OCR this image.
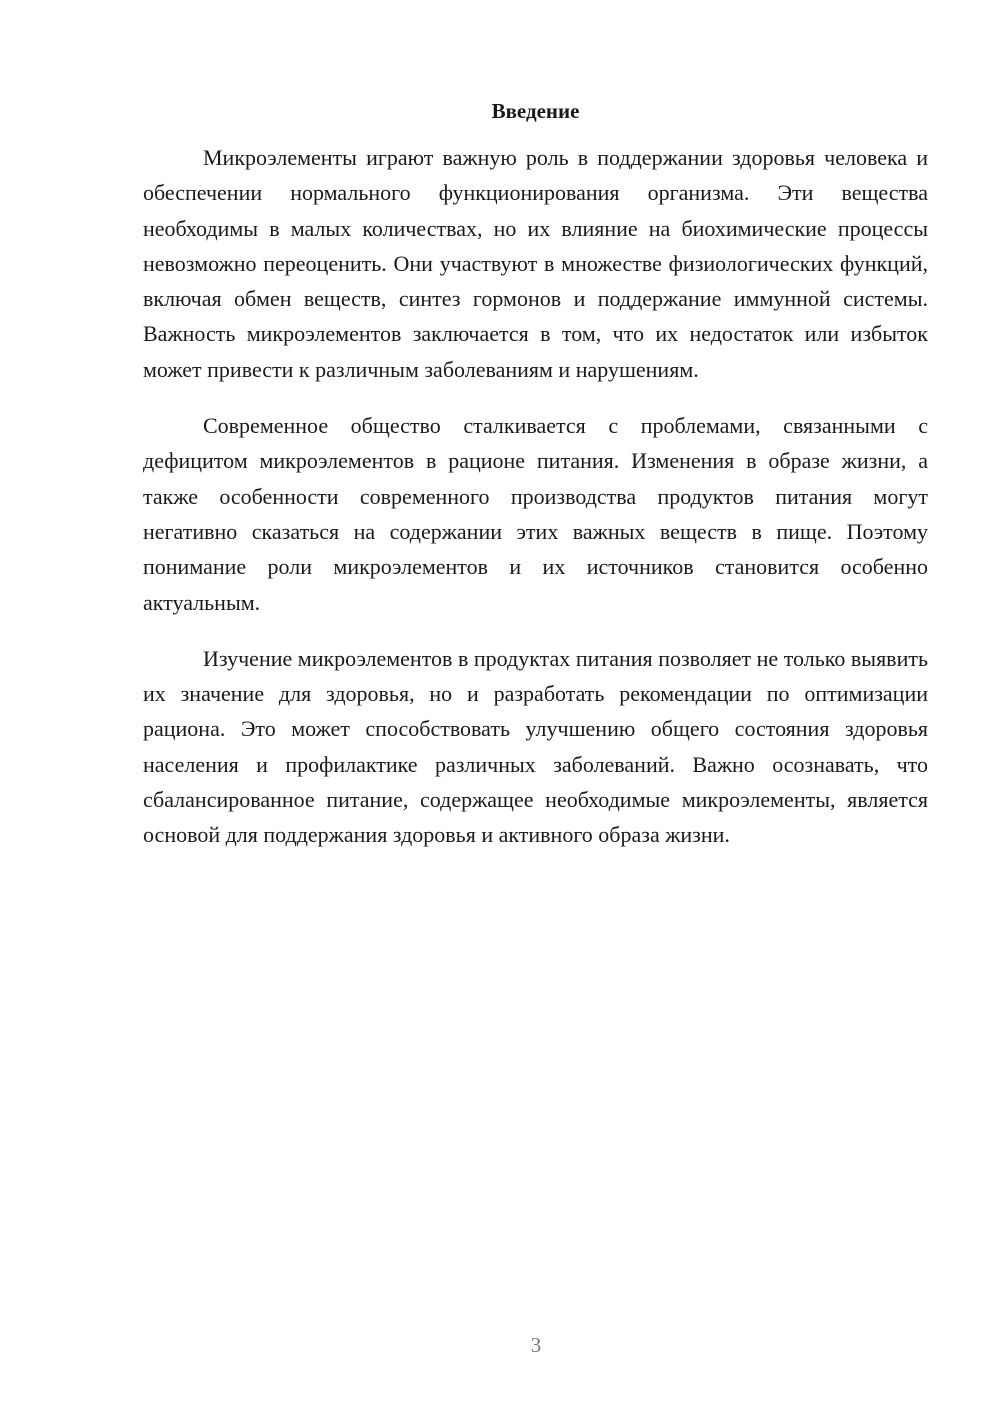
Введение

Микроэлементы играют важную роль в поддержании здоровья человека и обеспечении нормального функционирования организма. Эти вещества необходимы в малых количествах, но их влияние на биохимические процессы невозможно переоценить. Они участвуют в множестве физиологических функций, включая обмен веществ, синтез гормонов и поддержание иммунной системы. Важность микроэлементов заключается в том, что их недостаток или избыток может привести к различным заболеваниям и нарушениям.

Современное общество сталкивается с проблемами, связанными с дефицитом микроэлементов в рационе питания. Изменения в образе жизни, а также особенности современного производства продуктов питания могут негативно сказаться на содержании этих важных веществ в пище. Поэтому понимание роли микроэлементов и их источников становится особенно актуальным.

Изучение микроэлементов в продуктах питания позволяет не только выявить их значение для здоровья, но и разработать рекомендации по оптимизации рациона. Это может способствовать улучшению общего состояния здоровья населения и профилактике различных заболеваний. Важно осознавать, что сбалансированное питание, содержащее необходимые микроэлементы, является основой для поддержания здоровья и активного образа жизни.

3
